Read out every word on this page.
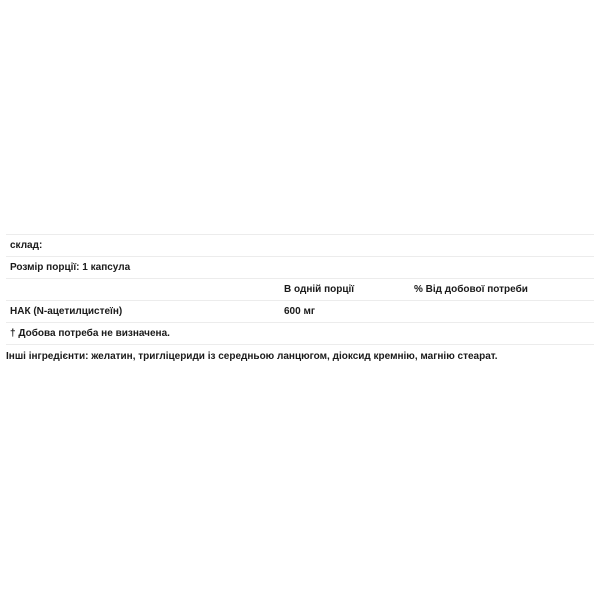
склад:		
Розмір порції: 1 капсула		
	В одній порції	% Від добової потреби
НАК (N-ацетилцистеїн)	600 мг	
† Добова потреба не визначена.		
Інші інгредієнти: желатин, тригліцериди із середньою ланцюгом, діоксид кремнію, магнію стеарат.
